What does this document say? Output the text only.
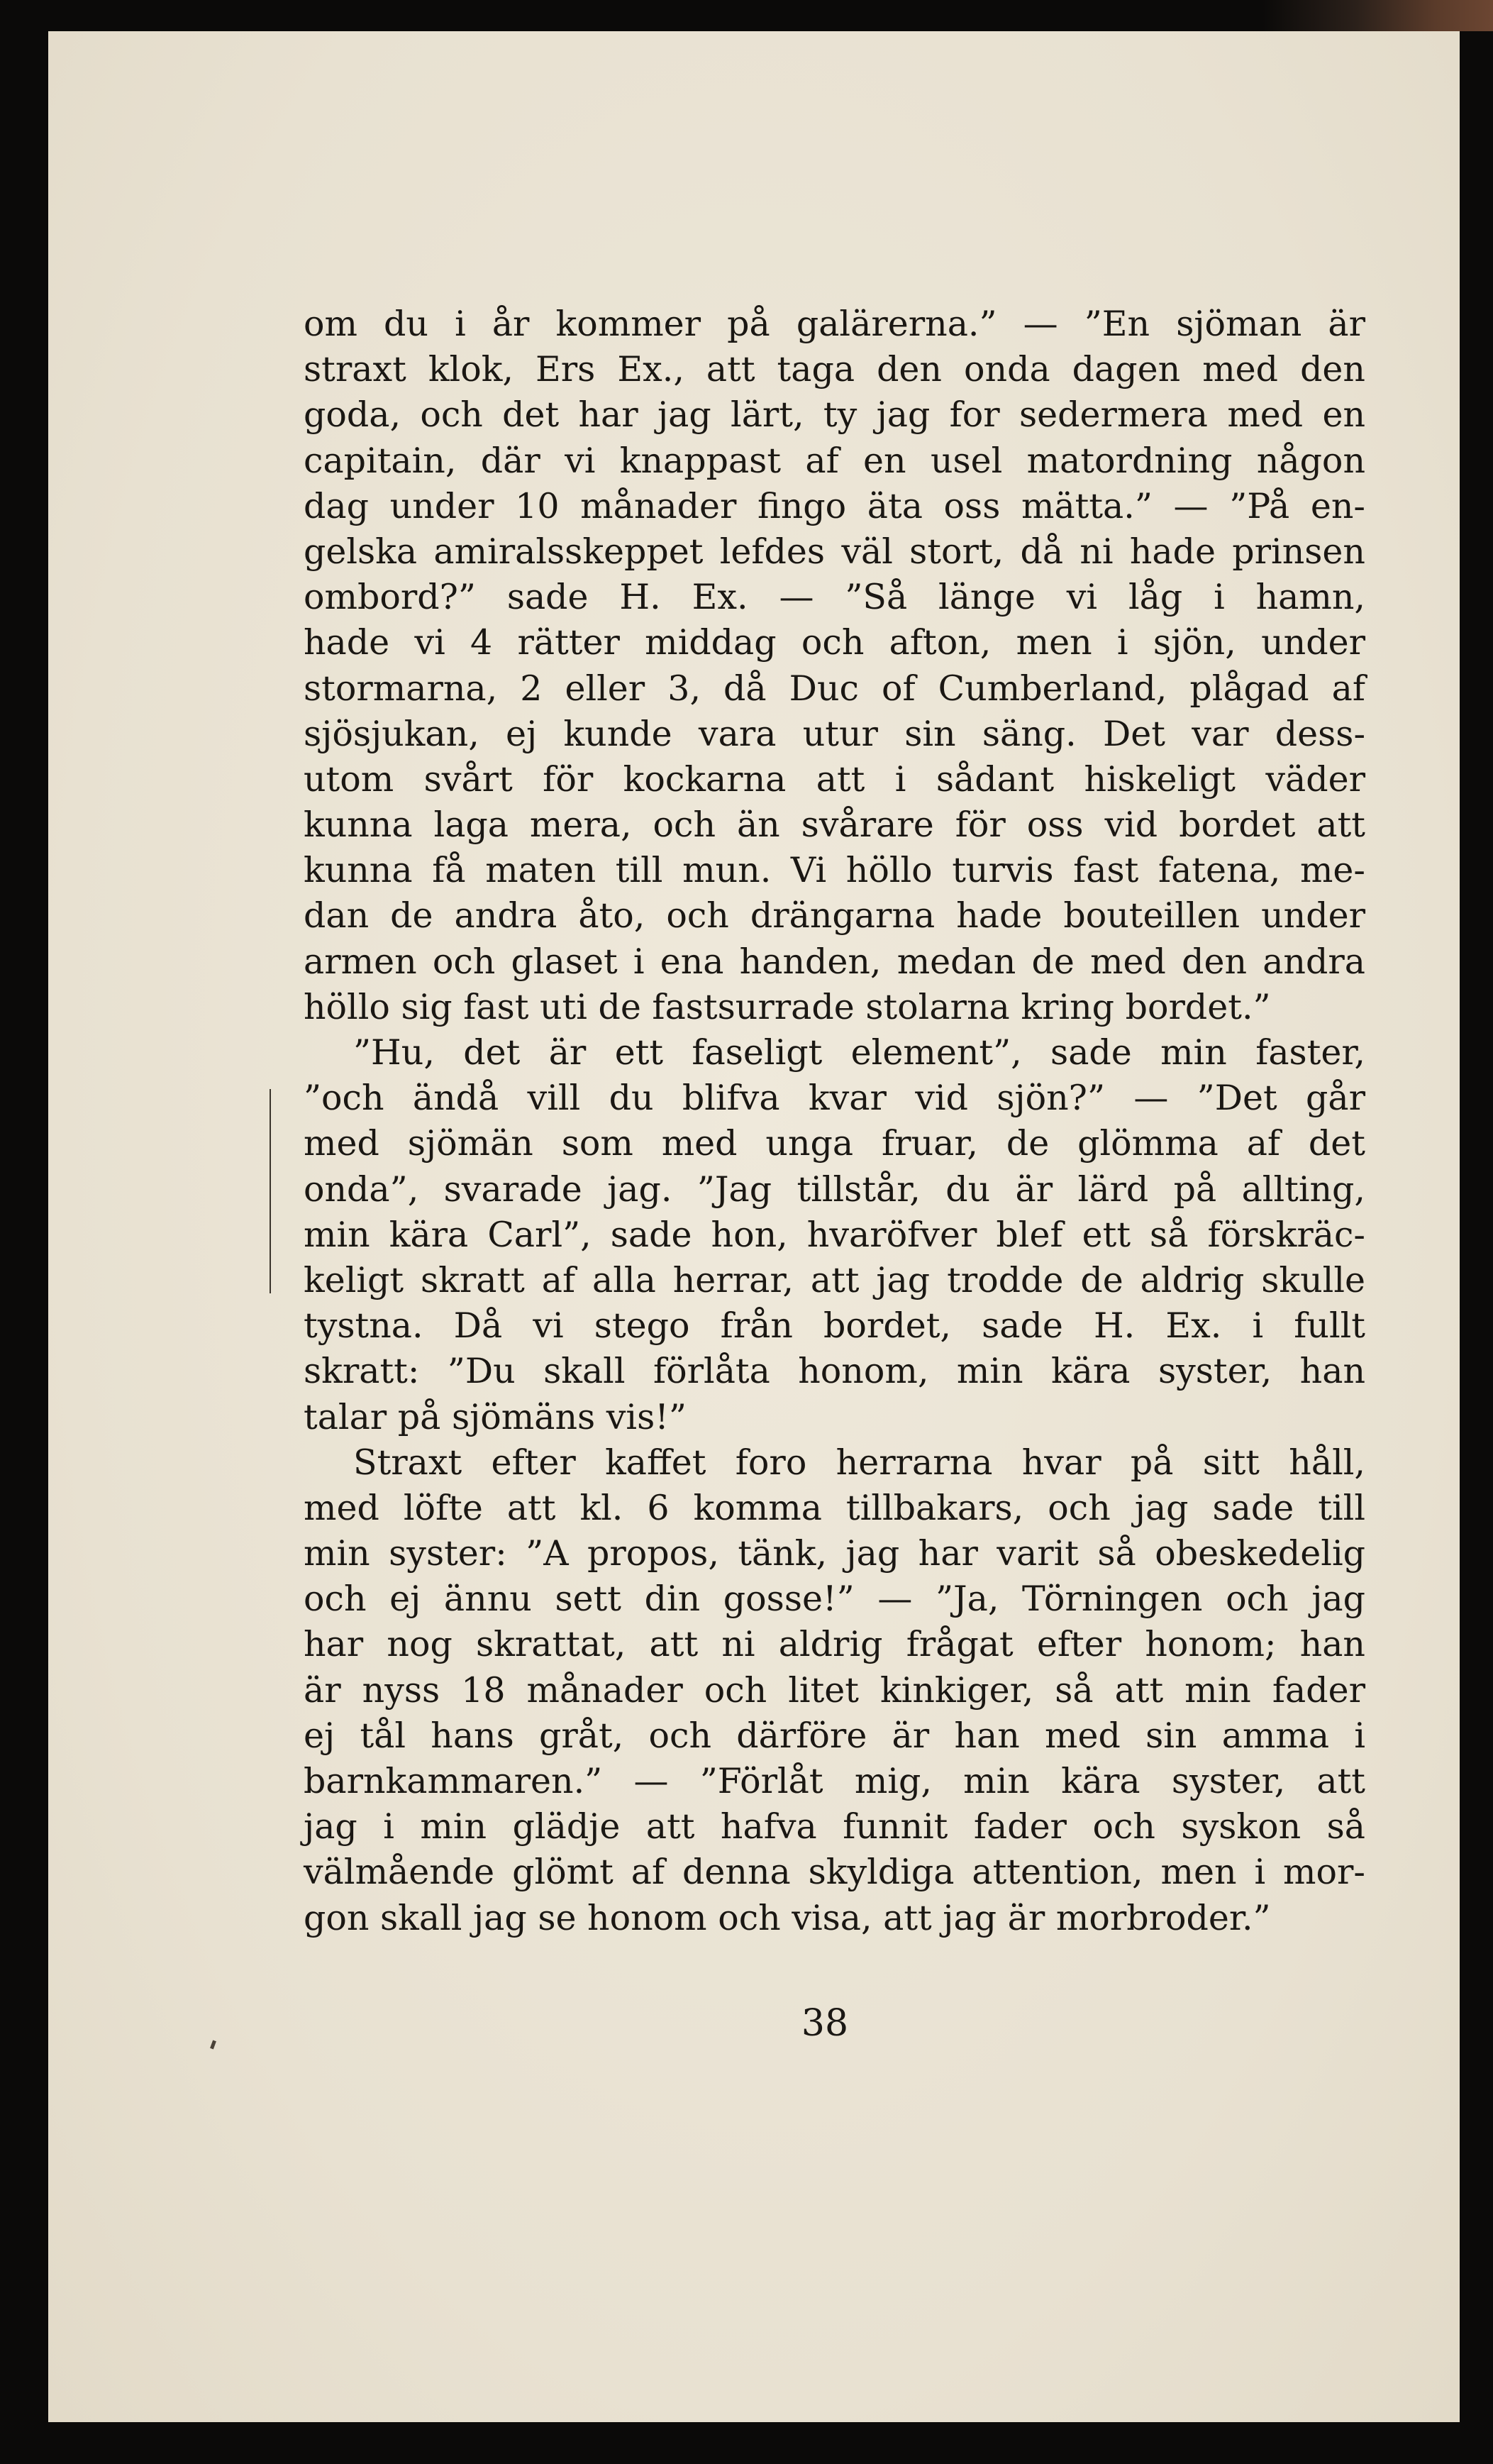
om du i år kommer på galärerna.” — ”En sjöman är
straxt klok, Ers Ex., att taga den onda dagen med den
goda, och det har jag lärt, ty jag for sedermera med en
capitain, där vi knappast af en usel matordning någon
dag under 10 månader fingo äta oss mätta.” — ”På en-
gelska amiralsskeppet lefdes väl stort, då ni hade prinsen
ombord?” sade H. Ex. — ”Så länge vi låg i hamn,
hade vi 4 rätter middag och afton, men i sjön, under
stormarna, 2 eller 3, då Duc of Cumberland, plågad af
sjösjukan, ej kunde vara utur sin säng. Det var dess-
utom svårt för kockarna att i sådant hiskeligt väder
kunna laga mera, och än svårare för oss vid bordet att
kunna få maten till mun. Vi höllo turvis fast fatena, me-
dan de andra åto, och drängarna hade bouteillen under
armen och glaset i ena handen, medan de med den andra
höllo sig fast uti de fastsurrade stolarna kring bordet.”
”Hu, det är ett faseligt element”, sade min faster,
”och ändå vill du blifva kvar vid sjön?” — ”Det går
med sjömän som med unga fruar, de glömma af det
onda”, svarade jag. ”Jag tillstår, du är lärd på allting,
min kära Carl”, sade hon, hvaröfver blef ett så förskräc-
keligt skratt af alla herrar, att jag trodde de aldrig skulle
tystna. Då vi stego från bordet, sade H. Ex. i fullt
skratt: ”Du skall förlåta honom, min kära syster, han
talar på sjömäns vis!”
Straxt efter kaffet foro herrarna hvar på sitt håll,
med löfte att kl. 6 komma tillbakars, och jag sade till
min syster: ”A propos, tänk, jag har varit så obeskedelig
och ej ännu sett din gosse!” — ”Ja, Törningen och jag
har nog skrattat, att ni aldrig frågat efter honom; han
är nyss 18 månader och litet kinkiger, så att min fader
ej tål hans gråt, och därföre är han med sin amma i
barnkammaren.” — ”Förlåt mig, min kära syster, att
jag i min glädje att hafva funnit fader och syskon så
välmående glömt af denna skyldiga attention, men i mor-
gon skall jag se honom och visa, att jag är morbroder.”
38
